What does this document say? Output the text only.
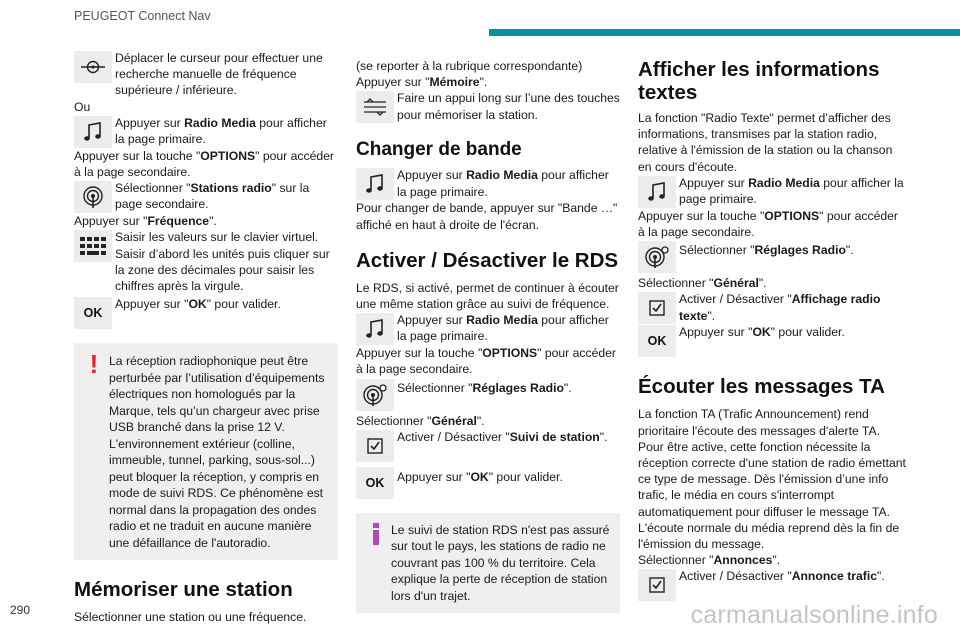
PEUGEOT Connect Nav

Déplacer le curseur pour effectuer une recherche manuelle de fréquence supérieure / inférieure.

Ou

Appuyer sur Radio Media pour afficher la page primaire.

Appuyer sur la touche "OPTIONS" pour accéder à la page secondaire.

Sélectionner "Stations radio" sur la page secondaire.

Appuyer sur "Fréquence".

Saisir les valeurs sur le clavier virtuel. Saisir d’abord les unités puis cliquer sur la zone des décimales pour saisir les chiffres après la virgule.

OK

Appuyer sur "OK" pour valider.

! La réception radiophonique peut être perturbée par l’utilisation d’équipements électriques non homologués par la Marque, tels qu’un chargeur avec prise USB branché dans la prise 12 V.
L'environnement extérieur (colline, immeuble, tunnel, parking, sous-sol...) peut bloquer la réception, y compris en mode de suivi RDS. Ce phénomène est normal dans la propagation des ondes radio et ne traduit en aucune manière une défaillance de l'autoradio.

Mémoriser une station

Sélectionner une station ou une fréquence.

(se reporter à la rubrique correspondante)

Appuyer sur "Mémoire".

Faire un appui long sur l’une des touches pour mémoriser la station.

Changer de bande

Appuyer sur Radio Media pour afficher la page primaire.

Pour changer de bande, appuyer sur "Bande …" affiché en haut à droite de l'écran.

Activer / Désactiver le RDS

Le RDS, si activé, permet de continuer à écouter une même station grâce au suivi de fréquence.

Appuyer sur Radio Media pour afficher la page primaire.

Appuyer sur la touche "OPTIONS" pour accéder à la page secondaire.

Sélectionner "Réglages Radio".

Sélectionner "Général".

Activer / Désactiver "Suivi de station".

OK Appuyer sur "OK" pour valider.

Le suivi de station RDS n'est pas assuré sur tout le pays, les stations de radio ne couvrant pas 100 % du territoire. Cela explique la perte de réception de station lors d'un trajet.

Afficher les informations textes

La fonction "Radio Texte" permet d’afficher des informations, transmises par la station radio, relative à l'émission de la station ou la chanson en cours d'écoute.

Appuyer sur Radio Media pour afficher la page primaire.

Appuyer sur la touche "OPTIONS" pour accéder à la page secondaire.

Sélectionner "Réglages Radio".

Sélectionner "Général".

Activer / Désactiver "Affichage radio texte".

OK

Appuyer sur "OK" pour valider.

Écouter les messages TA

La fonction TA (Trafic Announcement) rend prioritaire l'écoute des messages d'alerte TA. Pour être active, cette fonction nécessite la réception correcte d'une station de radio émettant ce type de message. Dès l'émission d’une info trafic, le média en cours s'interrompt automatiquement pour diffuser le message TA. L'écoute normale du média reprend dès la fin de l'émission du message.

Sélectionner "Annonces".

Activer / Désactiver "Annonce trafic".

290	carmanualsonline.info
